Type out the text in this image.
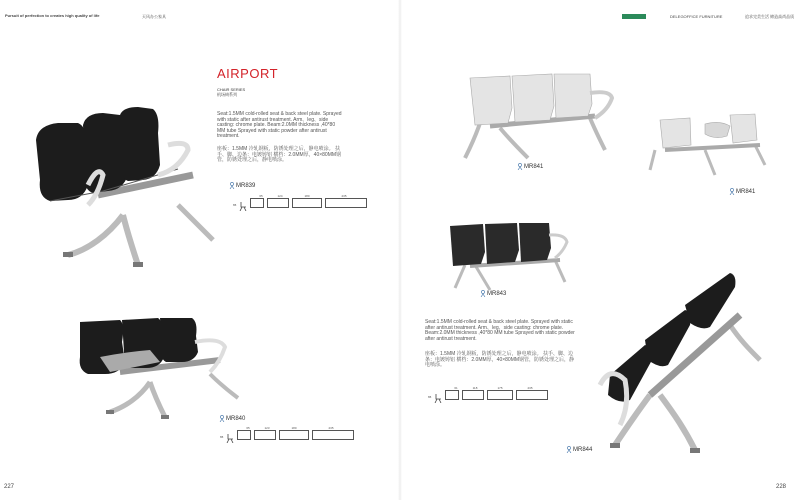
Pursuit of perfection to creates high quality of life	天风办公家具	DELEGOFFICE FURNITURE	追求完美生活 缔造高尚品质
AIRPORT
CHAIR SERIES
机场椅系列
Seat:1.5MM cold-rolled seat & back steel plate. Sprayed with static after antirust treatment. Arm、leg、side casting: chrome plate. Beam:2.0MM thickness ,40*80 MM tube Sprayed with static powder after antirust treatment.
座板：1.5MM 冷轧钢板，防锈处理之后，静电喷涂。 扶手、脚、边条：电镀铸铝 横档：2.0MM厚，40×80MM钢管，防锈处理之后，静电喷涂。
MR839
65	124	180	235
65
MR840
65	123	180	235
65
227
MR841
MR841
MR843
Seat:1.5MM cold-rolled seat & back steel plate. Sprayed with static after antirust treatment. Arm、leg、side casting: chrome plate. Beam:2.0MM thickness ,40*80 MM tube Sprayed with static powder after antirust treatment.
座板：1.5MM 冷轧钢板，防锈处理之后，静电喷涂。 扶手、脚、边条：电镀铸铝 横档：2.0MM厚，40×80MM钢管，防锈处理之后，静电喷涂。
61	118	175	235
65
MR844
228
